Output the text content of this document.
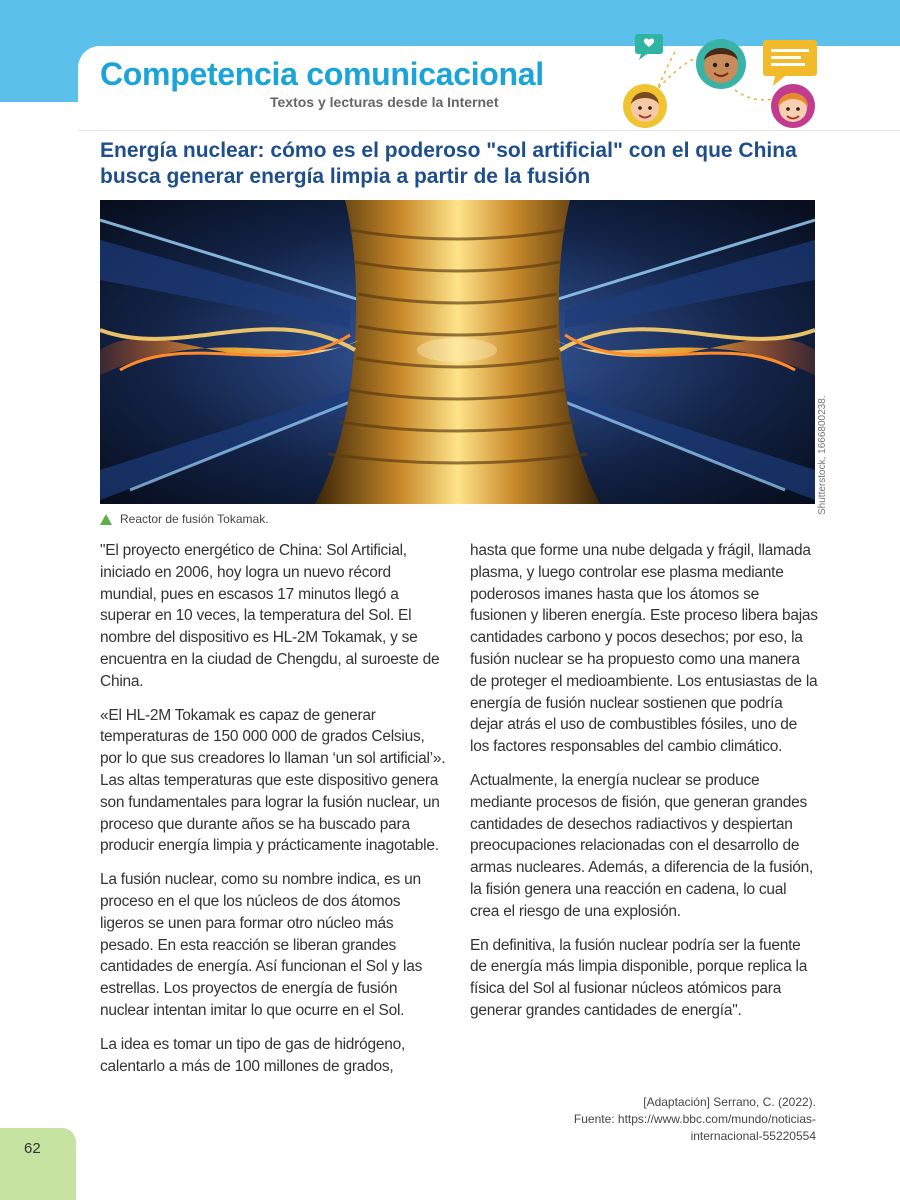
Competencia comunicacional

Textos y lecturas desde la Internet

Energía nuclear: cómo es el poderoso "sol artificial" con el que China busca generar energía limpia a partir de la fusión
Shutterstock, 1666800238.
Reactor de fusión Tokamak.

"El proyecto energético de China: Sol Artificial, iniciado en 2006, hoy logra un nuevo récord mundial, pues en escasos 17 minutos llegó a superar en 10 veces, la temperatura del Sol. El nombre del dispositivo es HL-2M Tokamak, y se encuentra en la ciudad de Chengdu, al suroeste de China.

«El HL-2M Tokamak es capaz de generar temperaturas de 150 000 000 de grados Celsius, por lo que sus creadores lo llaman ‘un sol artificial’». Las altas temperaturas que este dispositivo genera son fundamentales para lograr la fusión nuclear, un proceso que durante años se ha buscado para producir energía limpia y prácticamente inagotable.

La fusión nuclear, como su nombre indica, es un proceso en el que los núcleos de dos átomos ligeros se unen para formar otro núcleo más pesado. En esta reacción se liberan grandes cantidades de energía. Así funcionan el Sol y las estrellas. Los proyectos de energía de fusión nuclear intentan imitar lo que ocurre en el Sol.

La idea es tomar un tipo de gas de hidrógeno, calentarlo a más de 100 millones de grados,

hasta que forme una nube delgada y frágil, llamada plasma, y luego controlar ese plasma mediante poderosos imanes hasta que los átomos se fusionen y liberen energía. Este proceso libera bajas cantidades carbono y pocos desechos; por eso, la fusión nuclear se ha propuesto como una manera de proteger el medioambiente. Los entusiastas de la energía de fusión nuclear sostienen que podría dejar atrás el uso de combustibles fósiles, uno de los factores responsables del cambio climático.

Actualmente, la energía nuclear se produce mediante procesos de fisión, que generan grandes cantidades de desechos radiactivos y despiertan preocupaciones relacionadas con el desarrollo de armas nucleares. Además, a diferencia de la fusión, la fisión genera una reacción en cadena, lo cual crea el riesgo de una explosión.

En definitiva, la fusión nuclear podría ser la fuente de energía más limpia disponible, porque replica la física del Sol al fusionar núcleos atómicos para generar grandes cantidades de energía".

[Adaptación] Serrano, C. (2022).
Fuente: https://www.bbc.com/mundo/noticias-
internacional-55220554
62
